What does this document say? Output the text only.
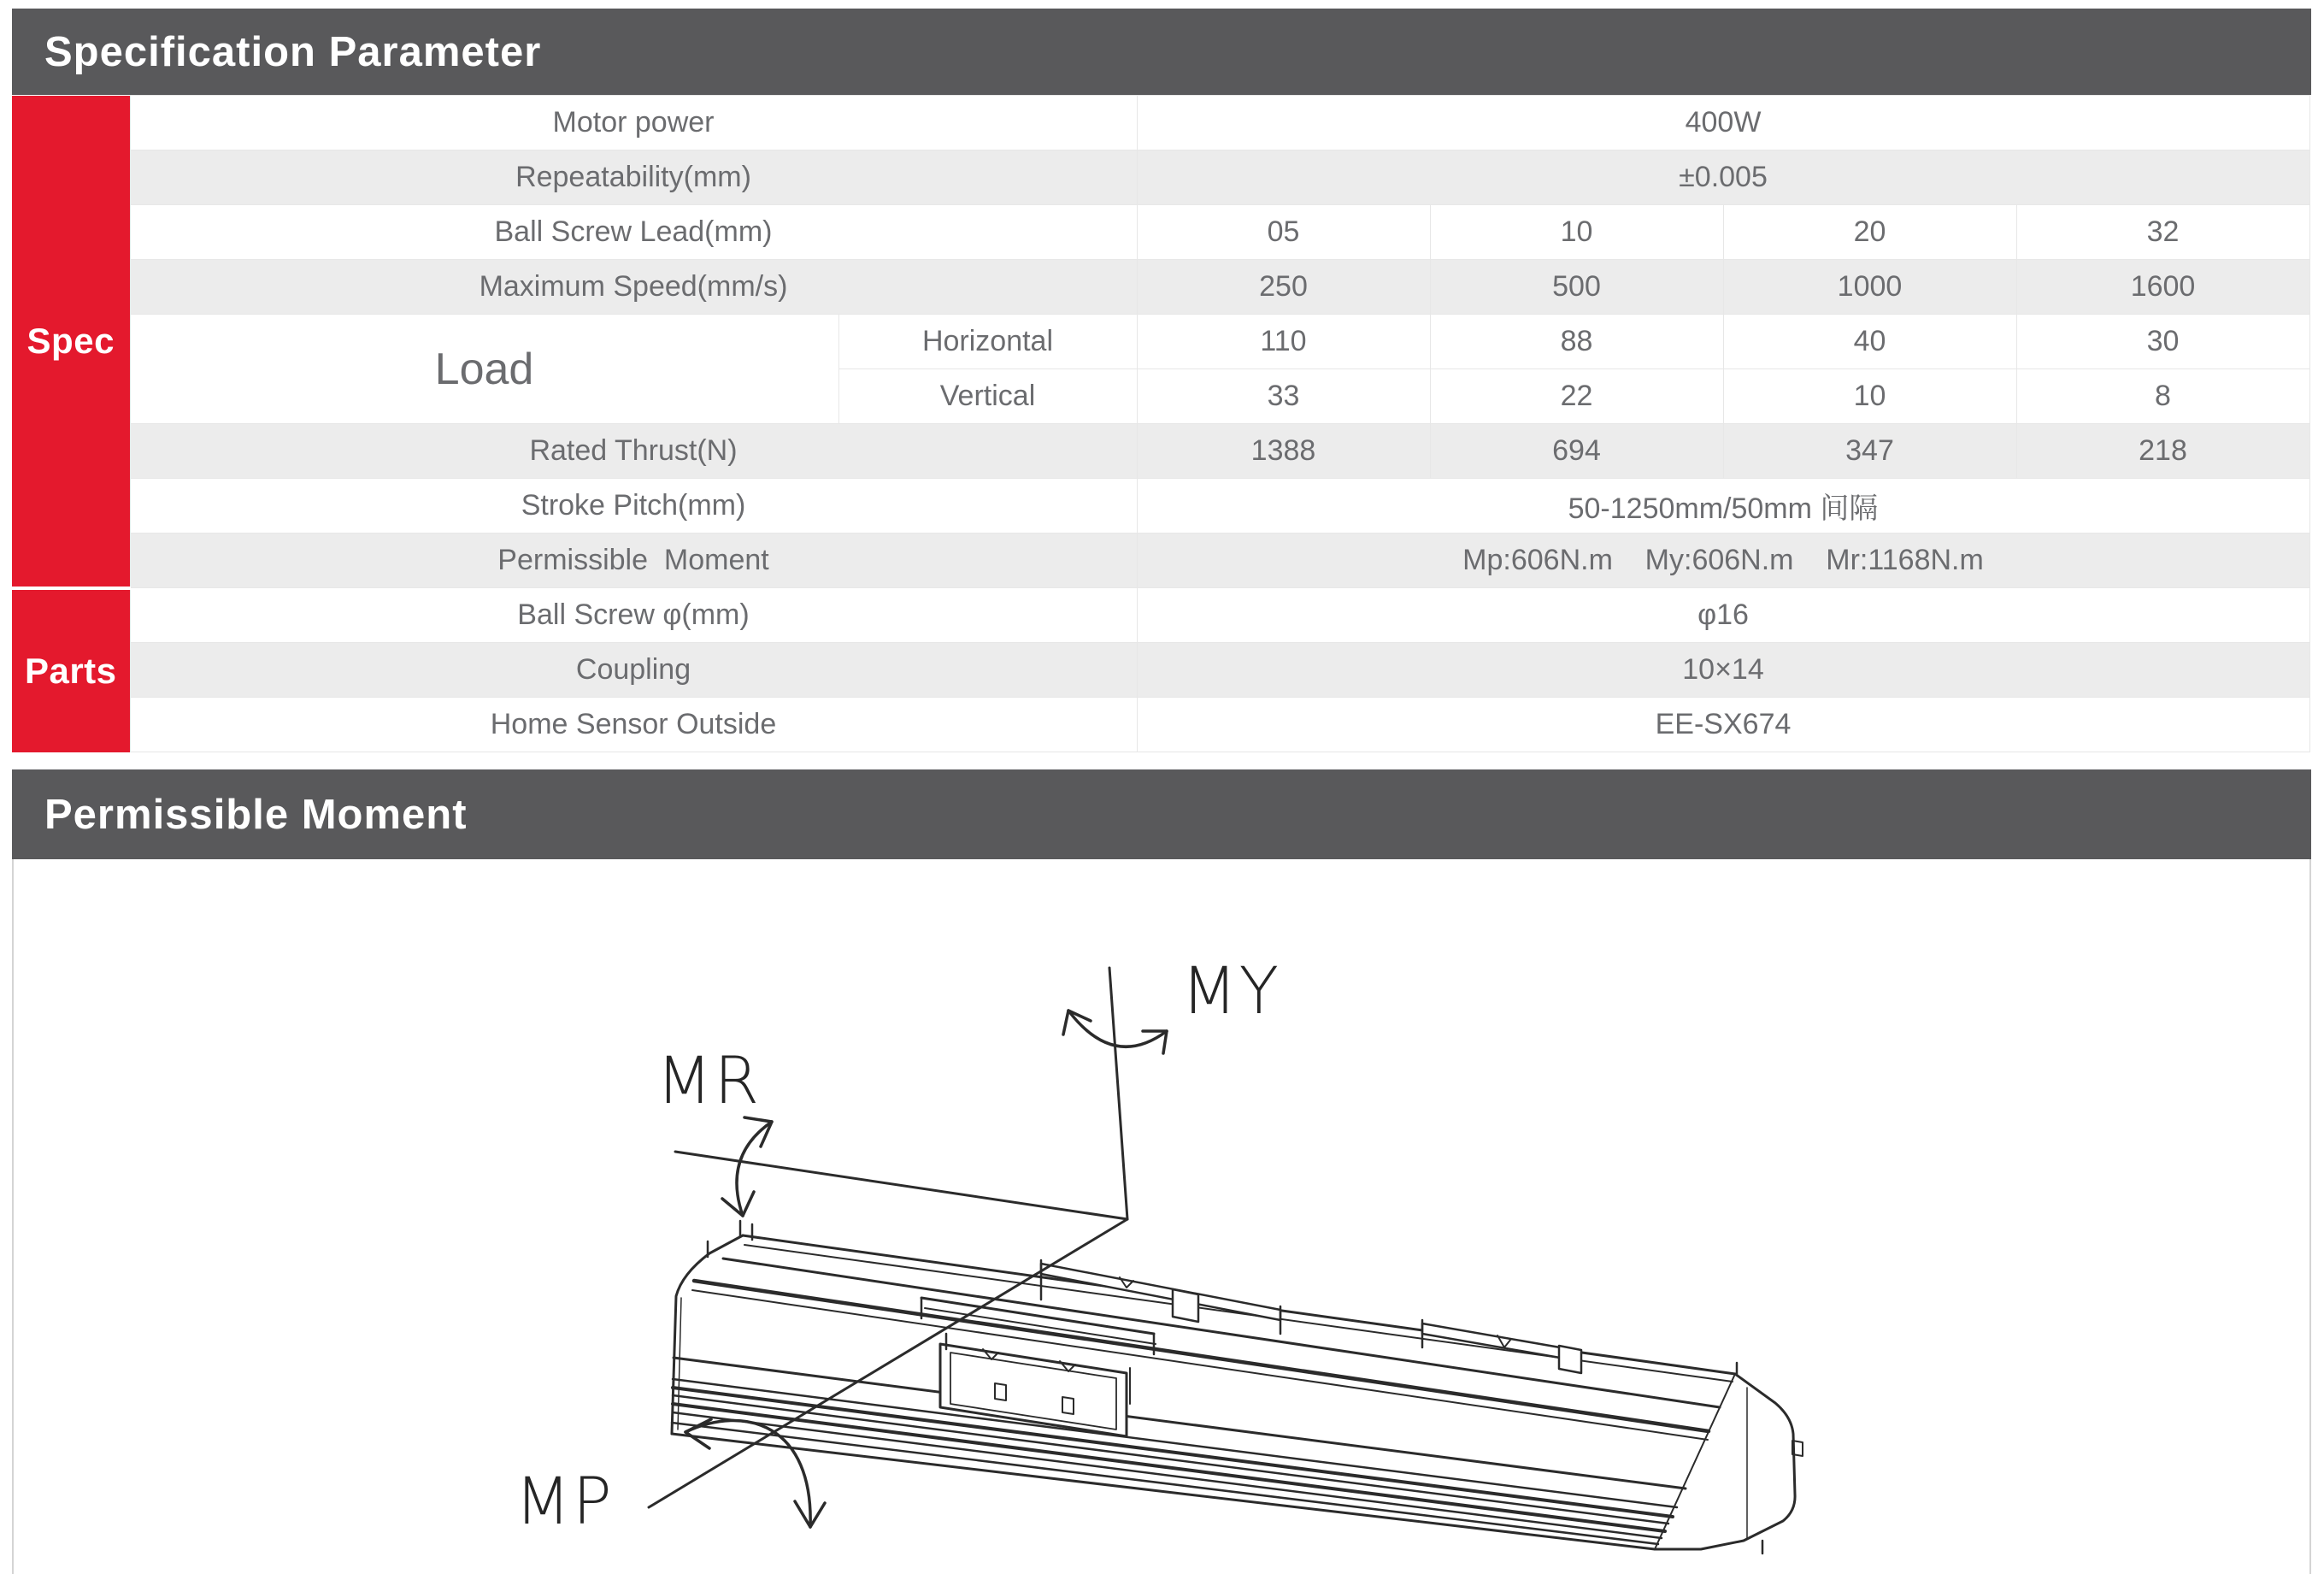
Specification Parameter
Spec	Motor power		400W			
	Repeatability(mm)		±0.005			
	Ball Screw Lead(mm)		05	10	20	32
	Maximum Speed(mm/s)		250	500	1000	1600
	Load	Horizontal	110	88	40	30
		Vertical	33	22	10	8
	Rated Thrust(N)		1388	694	347	218
	Stroke Pitch(mm)		50-1250mm/50mm 间隔			
	Permissible  Moment		Mp:606N.m    My:606N.m    Mr:1168N.m			
Parts	Ball Screw φ(mm)		φ16			
	Coupling		10×14			
	Home Sensor Outside		EE-SX674			
Permissible Moment
MY
MR
MP
